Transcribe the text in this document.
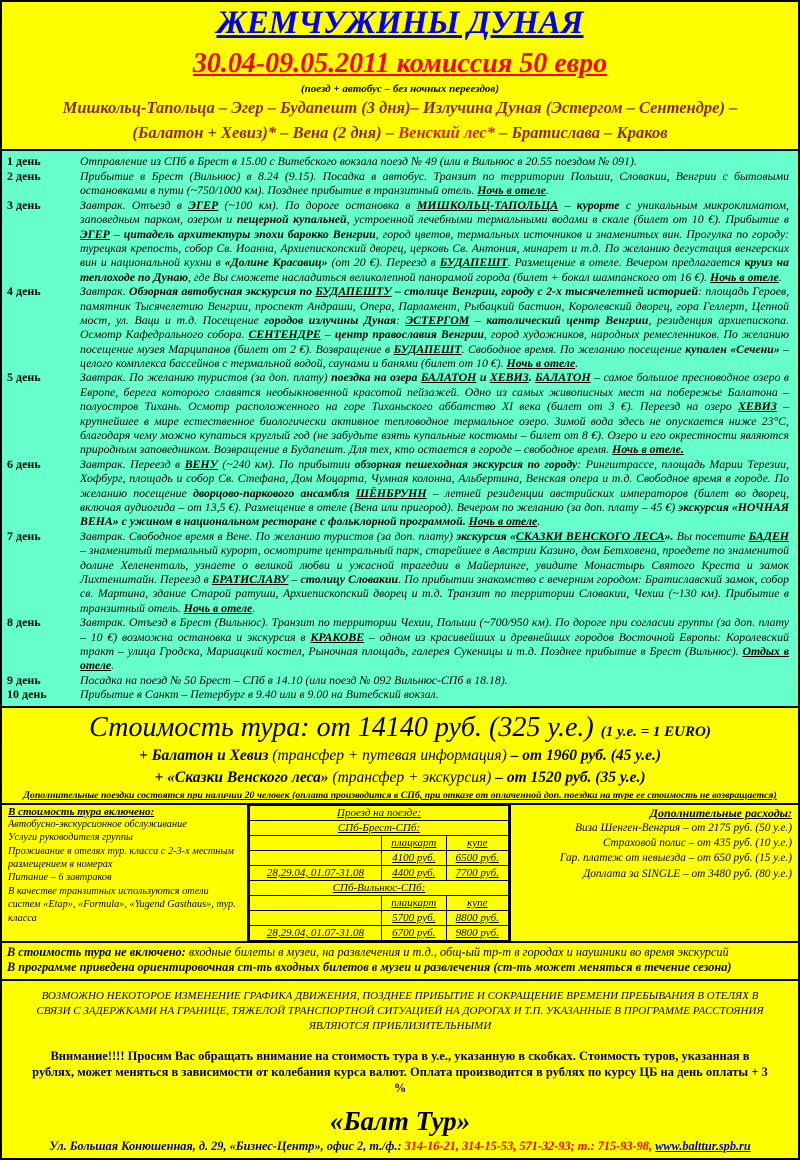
ЖЕМЧУЖИНЫ ДУНАЯ
30.04-09.05.2011 комиссия 50 евро
(поезд + автобус – без ночных переездов)
Мишкольц-Тапольца – Эгер – Будапешт (3 дня)– Излучина Дуная (Эстергом – Сентендре) – (Балатон + Хевиз)* – Вена (2 дня) – Венский лес* – Братислава – Краков
1 день	Отправление из СПб в Брест в 15.00 с Витебского вокзала поезд № 49 (или в Вильнюс в 20.55 поездом № 091).
2 день	Прибытие в Брест (Вильнюс) в 8.24 (9.15). Посадка в автобус. Транзит по территории Польши, Словакии, Венгрии с бытовыми остановками в пути (~750/1000 км). Позднее прибытие в транзитный отель. Ночь в отеле.
3 день	Завтрак. Отъезд в ЭГЕР (~100 км). По дороге остановка в МИШКОЛЬЦ-ТАПОЛЬЦА – курорте с уникальным микроклиматом, заповедным парком, озером и пещерной купальней, устроенной лечебными термальными водами в скале (билет от 10 €). Прибытие в ЭГЕР – цитадель архитектуры эпохи барокко Венгрии, город цветов, термальных источников и знаменитых вин. Прогулка по городу: турецкая крепость, собор Св. Иоанна, Архиепископский дворец, церковь Св. Антония, минарет и т.д. По желанию дегустация венгерских вин и национальной кухни в «Долине Красавиц» (от 20 €). Переезд в БУДАПЕШТ. Размещение в отеле. Вечером предлагается круиз на теплоходе по Дунаю, где Вы сможете насладиться великолепной панорамой города (билет + бокал шампанского от 16 €). Ночь в отеле.
4 день	Завтрак. Обзорная автобусная экскурсия по БУДАПЕШТУ – столице Венгрии, городу с 2-х тысячелетней историей: площадь Героев, памятник Тысячелетию Венгрии, проспект Андраши, Опера, Парламент, Рыбацкий бастион, Королевский дворец, гора Геллерт, Цепной мост, ул. Ваци и т.д. Посещение городов излучины Дуная: ЭСТЕРГОМ – католический центр Венгрии, резиденция архиепископа. Осмотр Кафедрального собора. СЕНТЕНДРЕ – центр православия Венгрии, город художников, народных ремесленников. По желанию посещение музея Марципанов (билет от 2 €). Возвращение в БУДАПЕШТ. Свободное время. По желанию посещение купален «Сечени» – целого комплекса бассейнов с термальной водой, саунами и банями (билет от 10 €). Ночь в отеле.
5 день	Завтрак. По желанию туристов (за доп. плату) поездка на озера БАЛАТОН и ХЕВИЗ. БАЛАТОН – самое большое пресноводное озеро в Европе, берега которого славятся необыкновенной красотой пейзажей. Одно из самых живописных мест на побережье Балатона – полуостров Тихань. Осмотр расположенного на горе Тиханьского аббатство XI века (билет от 3 €). Переезд на озеро ХЕВИЗ – крупнейшее в мире естественное биологически активное тепловодное термальное озеро. Зимой вода здесь не опускается ниже 23°С, благодаря чему можно купаться круглый год (не забудьте взять купальные костюмы – билет от 8 €). Озеро и его окрестности являются природным заповедником. Возвращение в Будапешт. Для тех, кто остается в городе – свободное время. Ночь в отеле.
6 день	Завтрак. Переезд в ВЕНУ (~240 км). По прибытии обзорная пешеходная экскурсия по городу: Рингштрассе, площадь Марии Терезии, Хофбург, площадь и собор Св. Стефана, Дом Моцарта, Чумная колонна, Альбертина, Венская опера и т.д. Свободное время в городе. По желанию посещение дворцово-паркового ансамбля ШЁНБРУНН – летней резиденции австрийских императоров (билет во дворец, включая аудиогида – от 13,5 €). Размещение в отеле (Вена или пригород). Вечером по желанию (за доп. плату – 45 €) экскурсия «НОЧНАЯ ВЕНА» с ужином в национальном ресторане с фольклорной программой. Ночь в отеле.
7 день	Завтрак. Свободное время в Вене. По желанию туристов (за доп. плату) экскурсия «СКАЗКИ ВЕНСКОГО ЛЕСА». Вы посетите БАДЕН – знаменитый термальный курорт, осмотрите центральный парк, старейшее в Австрии Казино, дом Бетховена, проедете по знаменитой долине Хелененталь, узнаете о великой любви и ужасной трагедии в Майерлинге, увидите Монастырь Святого Креста и замок Лихтенштайн. Переезд в БРАТИСЛАВУ – столицу Словакии. По прибытии знакомство с вечерним городом: Братиславский замок, собор св. Мартина, здание Старой ратуши, Архиепископский дворец и т.д. Транзит по территории Словакии, Чехии (~130 км). Прибытие в транзитный отель. Ночь в отеле.
8 день	Завтрак. Отъезд в Брест (Вильнюс). Транзит по территории Чехии, Польши (~700/950 км). По дороге при согласии группы (за доп. плату – 10 €) возможна остановка и экскурсия в КРАКОВЕ – одном из красивейших и древнейших городов Восточной Европы: Королевский тракт – улица Гродска, Мариацкий костел, Рыночная площадь, галерея Сукеницы и т.д. Позднее прибытие в Брест (Вильнюс). Отдых в отеле.
9 день	Посадка на поезд № 50 Брест – СПб в 14.10 (или поезд № 092 Вильнюс-СПб в 18.18).
10 день	Прибытие в Санкт – Петербург в 9.40 или в 9.00 на Витебский вокзал.
Стоимость тура: от 14140 руб. (325 у.е.) (1 у.е. = 1 EURO)
+ Балатон и Хевиз (трансфер + путевая информация) – от 1960 руб. (45 у.е.)
+ «Сказки Венского леса» (трансфер + экскурсия) – от 1520 руб. (35 у.е.)
Дополнительные поездки состоятся при наличии 20 человек (оплата производится в СПб, при отказе от оплаченной доп. поездки на туре ее стоимость не возвращается)
В стоимость тура включено:
Автобусно-экскурсионное обслуживание
Услуги руководителя группы
Проживание в отелях тур. класса с 2-3-х местным размещением в номерах
Питание – 6 завтраков
В качестве транзитных используются отели систем «Etap», «Formula», «Yugend Gasthaus», тур. класса
Проезд на поезде:		
СПб-Брест-СПб:		
	плацкарт	купе
	4100 руб.	6500 руб.
28,29.04, 01.07-31.08	4400 руб.	7700 руб.
СПб-Вильнюс-СПб:		
	плацкарт	купе
	5700 руб.	8800 руб.
28,29.04, 01.07-31.08	6700 руб.	9800 руб.
Дополнительные расходы:
Виза Шенген-Венгрия – от 2175 руб. (50 у.е.)
Страховой полис – от 435 руб. (10 у.е.)
Гар. платеж от невыезда – от 650 руб. (15 у.е.)
Доплата за SINGLE – от 3480 руб. (80 у.е.)
В стоимость тура не включено: входные билеты в музеи, на развлечения и т.д., общ-ый тр-т в городах и наушники во время экскурсий
В программе приведена ориентировочная ст-ть входных билетов в музеи и развлечения (ст-ть может меняться в течение сезона)
ВОЗМОЖНО НЕКОТОРОЕ ИЗМЕНЕНИЕ ГРАФИКА ДВИЖЕНИЯ, ПОЗДНЕЕ ПРИБЫТИЕ И СОКРАЩЕНИЕ ВРЕМЕНИ ПРЕБЫВАНИЯ В ОТЕЛЯХ В СВЯЗИ С ЗАДЕРЖКАМИ НА ГРАНИЦЕ, ТЯЖЕЛОЙ ТРАНСПОРТНОЙ СИТУАЦИЕЙ НА ДОРОГАХ И Т.П. УКАЗАННЫЕ В ПРОГРАММЕ РАССТОЯНИЯ ЯВЛЯЮТСЯ ПРИБЛИЗИТЕЛЬНЫМИ
Внимание!!!! Просим Вас обращать внимание на стоимость тура в у.е., указанную в скобках. Стоимость туров, указанная в рублях, может меняться в зависимости от колебания курса валют. Оплата производится в рублях по курсу ЦБ на день оплаты + 3 %
«Балт Тур»
Ул. Большая Конюшенная, д. 29, «Бизнес-Центр», офис 2, т./ф.: 314-16-21, 314-15-53, 571-32-93; т.: 715-93-98, www.balttur.spb.ru
